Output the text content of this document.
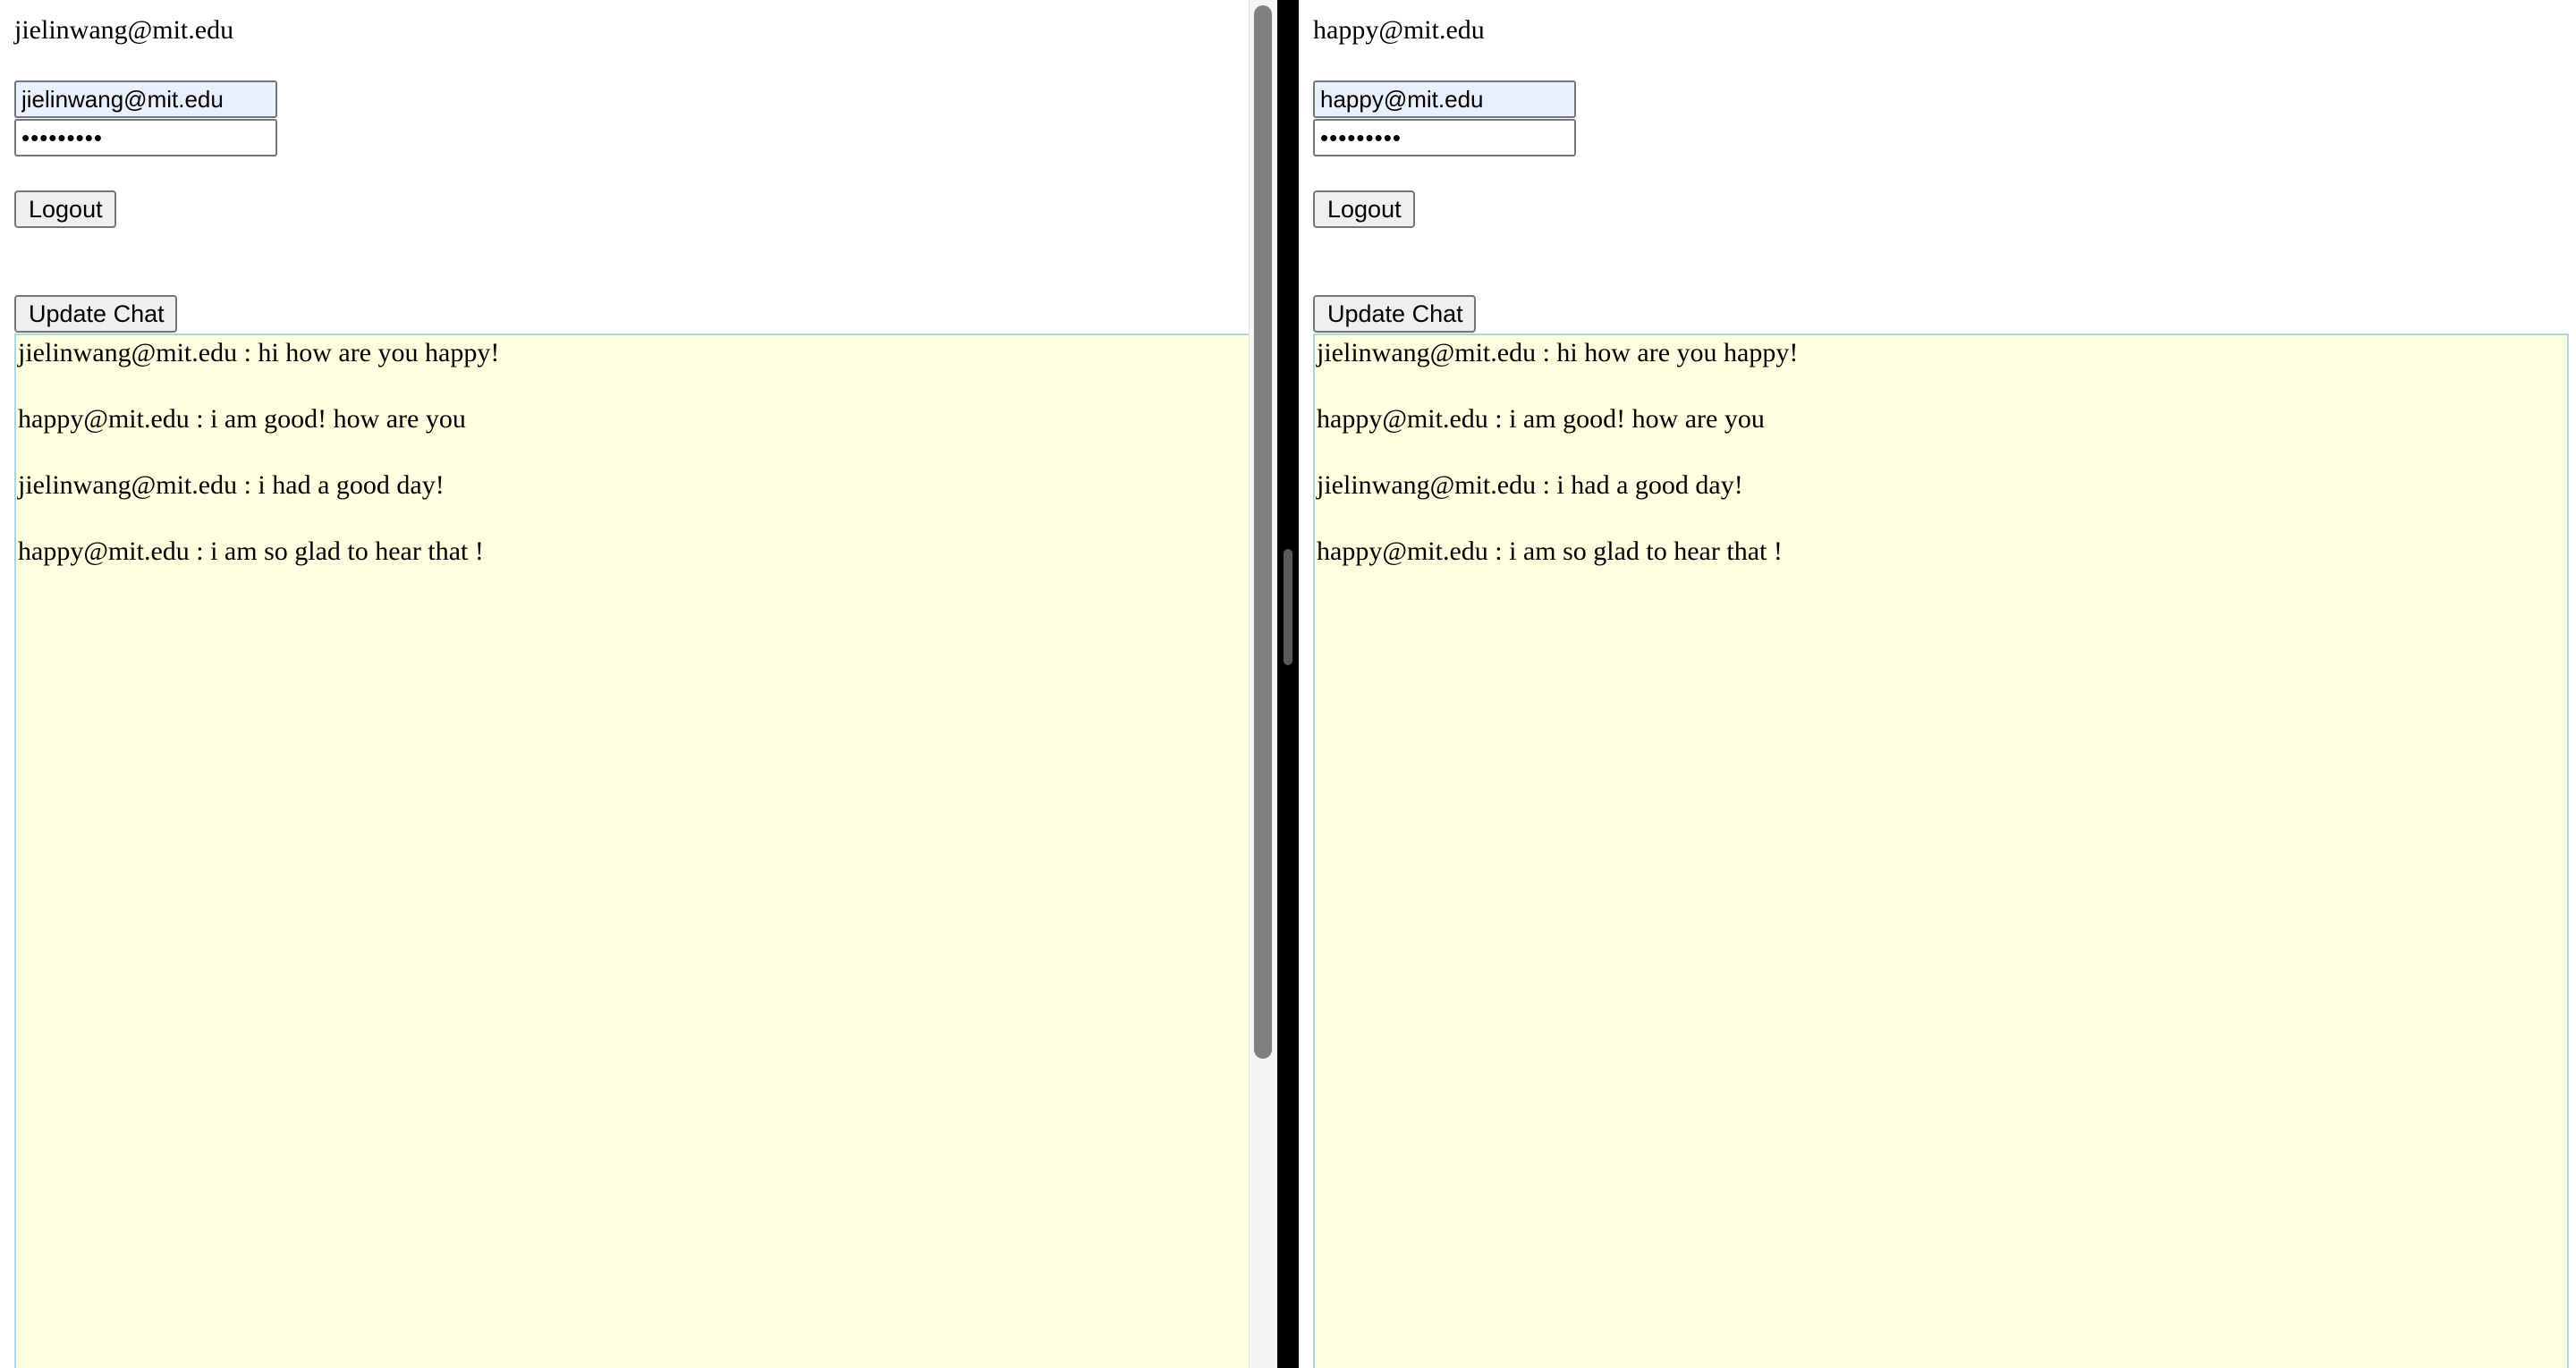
jielinwang@mit.edu
jielinwang@mit.edu
•••••••••
Logout
Update Chat
jielinwang@mit.edu : hi how are you happy!
happy@mit.edu : i am good! how are you
jielinwang@mit.edu : i had a good day!
happy@mit.edu : i am so glad to hear that !
happy@mit.edu
happy@mit.edu
•••••••••
Logout
Update Chat
jielinwang@mit.edu : hi how are you happy!
happy@mit.edu : i am good! how are you
jielinwang@mit.edu : i had a good day!
happy@mit.edu : i am so glad to hear that !
